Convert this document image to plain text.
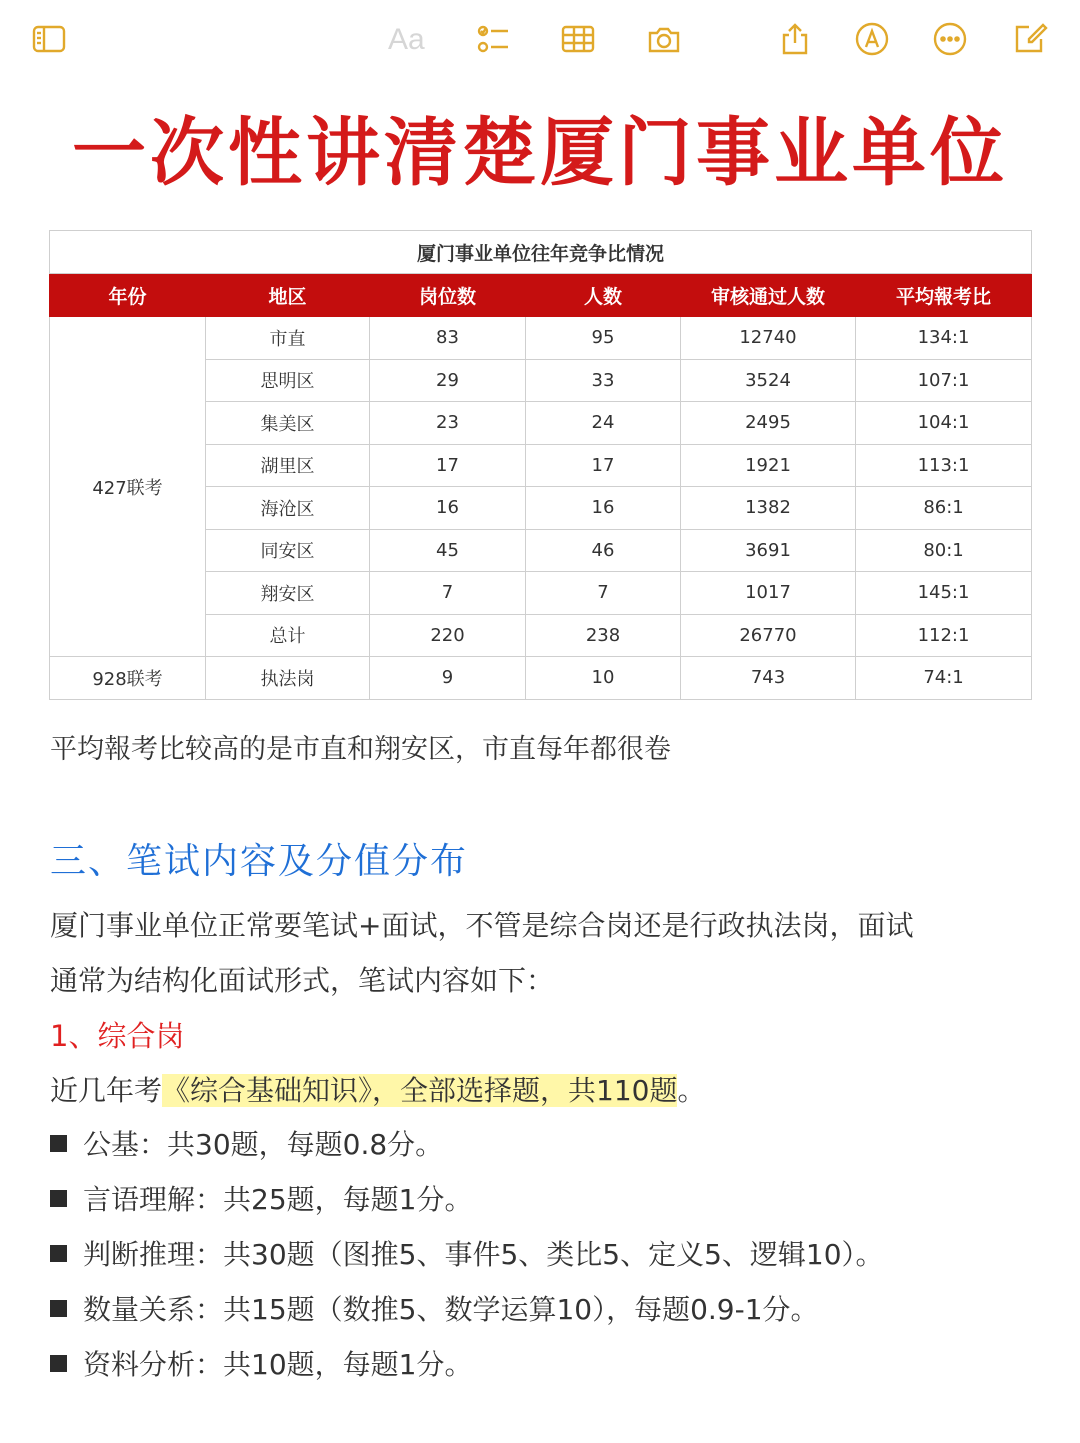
Aa
一次性讲清楚厦门事业单位
厦门事业单位往年竞争比情况					
年份	地区	岗位数	人数	审核通过人数	平均報考比
427联考	市直	83	95	12740	134:1
	思明区	29	33	3524	107:1
	集美区	23	24	2495	104:1
	湖里区	17	17	1921	113:1
	海沧区	16	16	1382	86:1
	同安区	45	46	3691	80:1
	翔安区	7	7	1017	145:1
	总计	220	238	26770	112:1
928联考	执法岗	9	10	743	74:1
平均報考比较高的是市直和翔安区，市直每年都很卷
三、笔试内容及分值分布
厦门事业单位正常要笔试+面试，不管是综合岗还是行政执法岗，面试
通常为结构化面试形式，笔试内容如下：
1、综合岗
近几年考《综合基础知识》，全部选择题，共110题。
公基：共30题，每题0.8分。
言语理解：共25题，每题1分。
判断推理：共30题（图推5、事件5、类比5、定义5、逻辑10）。
数量关系：共15题（数推5、数学运算10），每题0.9-1分。
资料分析：共10题，每题1分。
